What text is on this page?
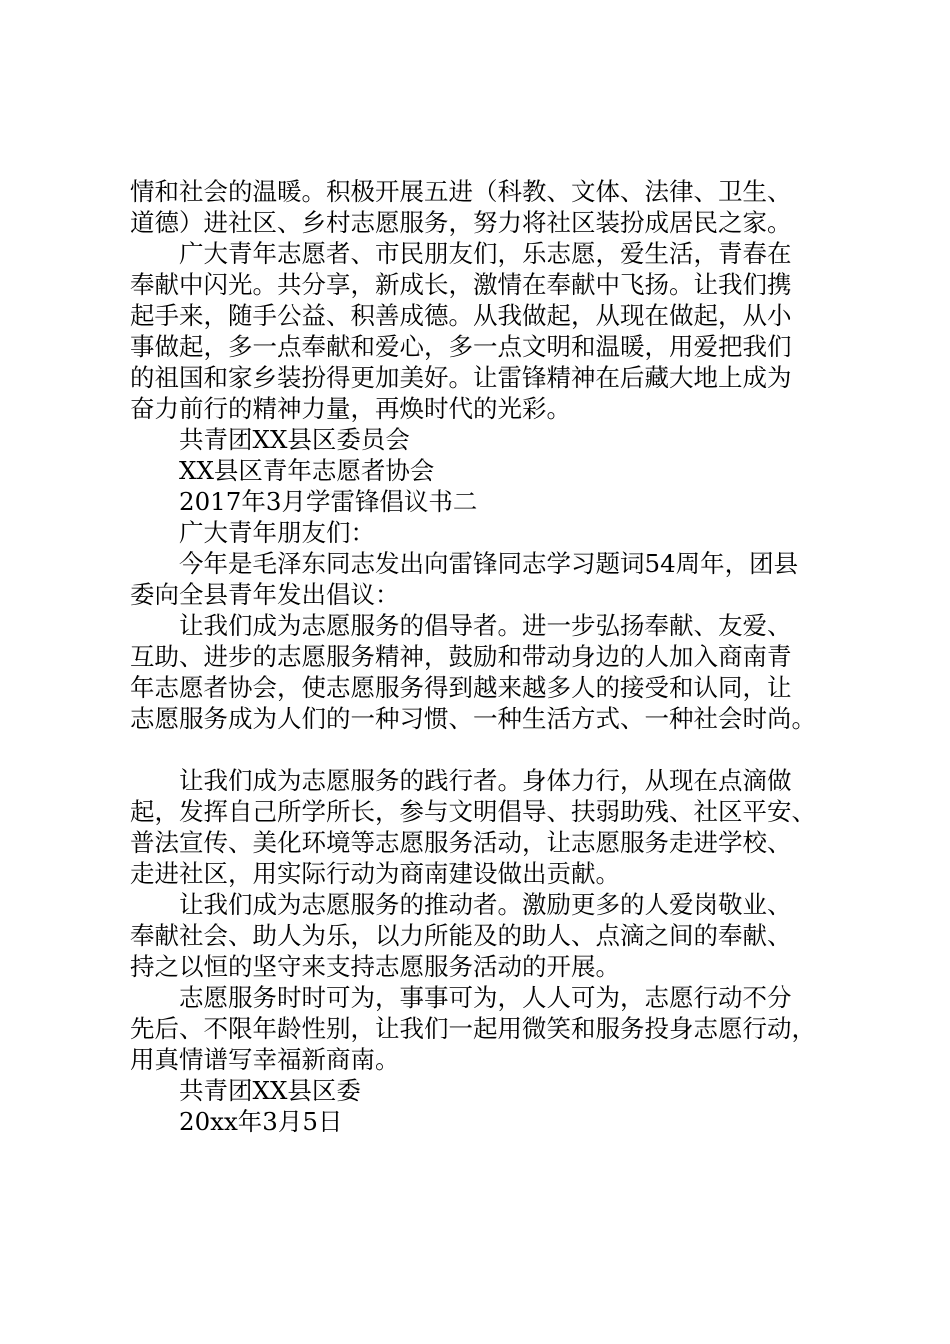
情和社会的温暖。积极开展五进（科教、文体、法律、卫生、

道德）进社区、乡村志愿服务，努力将社区装扮成居民之家。

　　广大青年志愿者、市民朋友们，乐志愿，爱生活，青春在

奉献中闪光。共分享，新成长，激情在奉献中飞扬。让我们携

起手来，随手公益、积善成德。从我做起，从现在做起，从小

事做起，多一点奉献和爱心，多一点文明和温暖，用爱把我们

的祖国和家乡装扮得更加美好。让雷锋精神在后藏大地上成为

奋力前行的精神力量，再焕时代的光彩。

　　共青团XX县区委员会

　　XX县区青年志愿者协会

　　2017年3月学雷锋倡议书二

　　广大青年朋友们：

　　今年是毛泽东同志发出向雷锋同志学习题词54周年，团县

委向全县青年发出倡议：

　　让我们成为志愿服务的倡导者。进一步弘扬奉献、友爱、

互助、进步的志愿服务精神，鼓励和带动身边的人加入商南青

年志愿者协会，使志愿服务得到越来越多人的接受和认同，让

志愿服务成为人们的一种习惯、一种生活方式、一种社会时尚。

　　让我们成为志愿服务的践行者。身体力行，从现在点滴做

起，发挥自己所学所长，参与文明倡导、扶弱助残、社区平安、

普法宣传、美化环境等志愿服务活动，让志愿服务走进学校、

走进社区，用实际行动为商南建设做出贡献。

　　让我们成为志愿服务的推动者。激励更多的人爱岗敬业、

奉献社会、助人为乐，以力所能及的助人、点滴之间的奉献、

持之以恒的坚守来支持志愿服务活动的开展。

　　志愿服务时时可为，事事可为，人人可为，志愿行动不分

先后、不限年龄性别，让我们一起用微笑和服务投身志愿行动，

用真情谱写幸福新商南。

　　共青团XX县区委

　　20xx年3月5日
